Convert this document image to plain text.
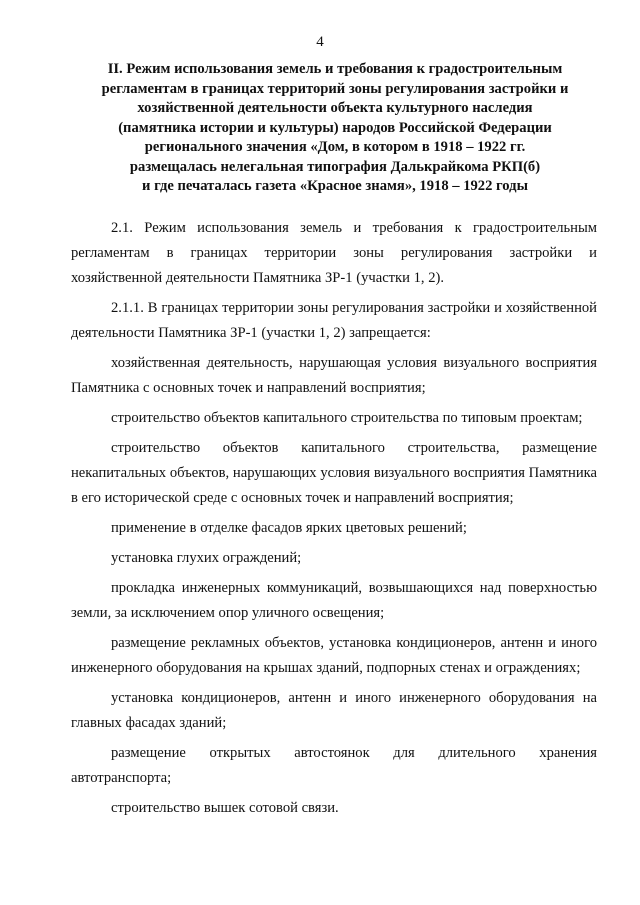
4
II. Режим использования земель и требования к градостроительным
регламентам в границах территорий зоны регулирования застройки и
хозяйственной деятельности объекта культурного наследия
(памятника истории и культуры) народов Российской Федерации
регионального значения «Дом, в котором в 1918 – 1922 гг.
размещалась нелегальная типография Далькрайкома РКП(б)
и где печаталась газета «Красное знамя», 1918 – 1922 годы

2.1. Режим использования земель и требования к градостроительным регламентам в границах территории зоны регулирования застройки и хозяйственной деятельности Памятника ЗР-1 (участки 1, 2).

2.1.1. В границах территории зоны регулирования застройки и хозяйственной деятельности Памятника ЗР-1 (участки 1, 2) запрещается:

хозяйственная деятельность, нарушающая условия визуального восприятия Памятника с основных точек и направлений восприятия;

строительство объектов капитального строительства по типовым проектам;

строительство объектов капитального строительства, размещение некапитальных объектов, нарушающих условия визуального восприятия Памятника в его исторической среде с основных точек и направлений восприятия;

применение в отделке фасадов ярких цветовых решений;

установка глухих ограждений;

прокладка инженерных коммуникаций, возвышающихся над поверхностью земли, за исключением опор уличного освещения;

размещение рекламных объектов, установка кондиционеров, антенн и иного инженерного оборудования на крышах зданий, подпорных стенах и ограждениях;

установка кондиционеров, антенн и иного инженерного оборудования на главных фасадах зданий;

размещение открытых автостоянок для длительного хранения автотранспорта;

строительство вышек сотовой связи.
